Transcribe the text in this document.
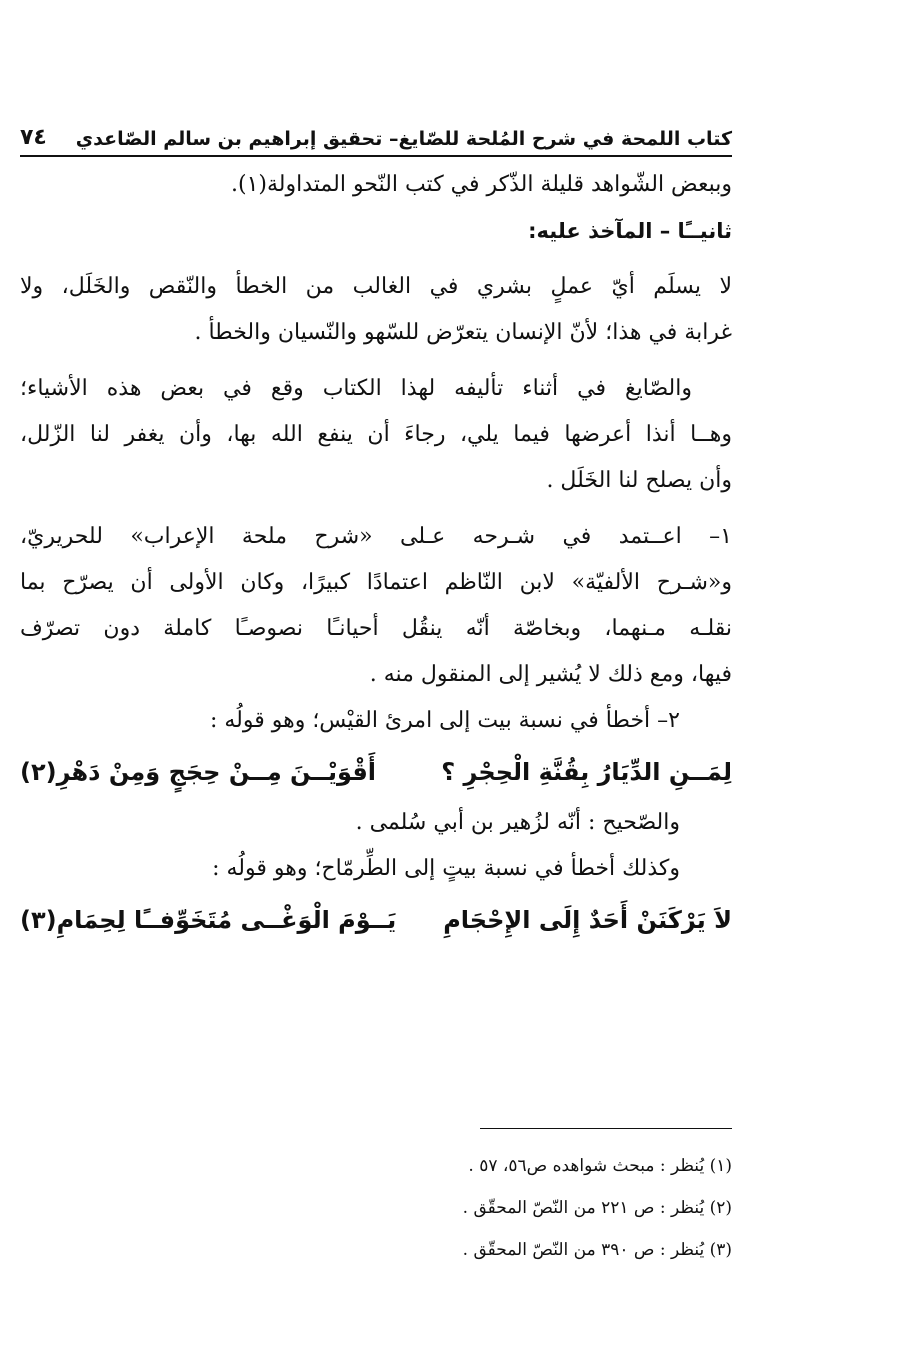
كتاب اللمحة في شرح المُلحة للصّايغ– تحقيق إبراهيم بن سالم الصّاعدي
٧٤
وببعض الشّواهد قليلة الذّكر في كتب النّحو المتداولة(١).
ثانيــًا – المآخذ عليه:
لا يسلَم أيّ عملٍ بشري في الغالب من الخطأ والنّقص والخَلَل، ولا
غرابة في هذا؛ لأنّ الإنسان يتعرّض للسّهو والنّسيان والخطأ .
والصّايغ في أثناء تأليفه لهذا الكتاب وقع في بعض هذه الأشياء؛
وهــا أنذا أعرضها فيما يلي، رجاءَ أن ينفع الله بها، وأن يغفر لنا الزّلل،
وأن يصلح لنا الخَلَل .
١– اعــتمد في شـرحه عـلى «شرح ملحة الإعراب» للحريريّ،
و«شـرح الألفيّة» لابن النّاظم اعتمادًا كبيرًا، وكان الأولى أن يصرّح بما
نقلـه مـنهما، وبخاصّة أنّه ينقُل أحيانـًا نصوصـًا كاملة دون تصرّف
فيها، ومع ذلك لا يُشير إلى المنقول منه .
٢– أخطأ في نسبة بيت إلى امرئ القيْس؛ وهو قولُه :
لِمَــنِ الدِّيَارُ بِقُنَّةِ الْحِجْرِ ؟
أَقْوَيْــنَ مِــنْ حِجَجٍ وَمِنْ دَهْرِ(٢)
والصّحيح : أنّه لزُهير بن أبي سُلمى .
وكذلك أخطأ في نسبة بيتٍ إلى الطِّرمّاح؛ وهو قولُه :
لاَ يَرْكَنَنْ أَحَدٌ إِلَى الإِحْجَامِ
يَــوْمَ الْوَغْــى مُتَخَوِّفــًا لِحِمَامِ(٣)
(١) يُنظر : مبحث شواهده ص٥٦، ٥٧ .
(٢) يُنظر : ص ٢٢١ من النّصّ المحقّق .
(٣) يُنظر : ص ٣٩٠ من النّصّ المحقّق .
